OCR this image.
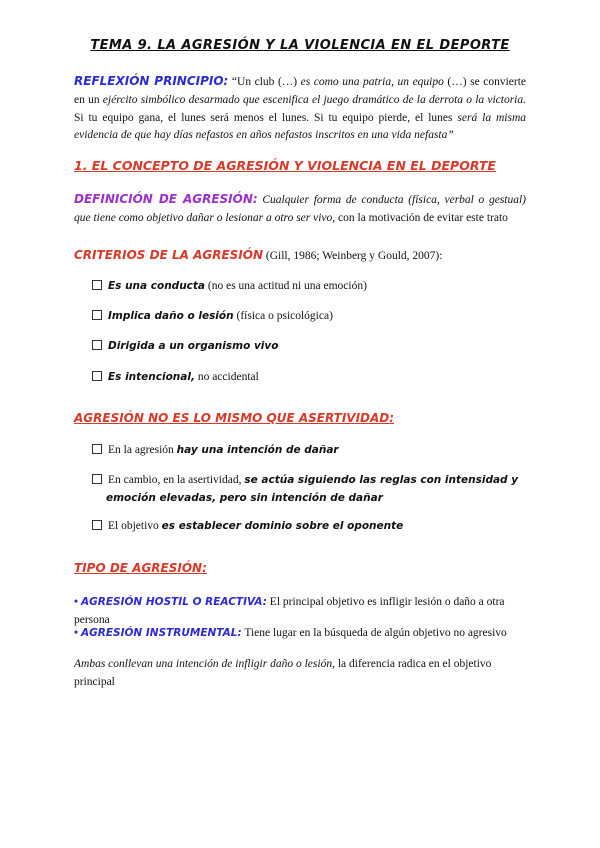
TEMA 9. LA AGRESIÓN Y LA VIOLENCIA EN EL DEPORTE
REFLEXIÓN PRINCIPIO: “Un club (…) es como una patria, un equipo (…) se convierte en un ejército simbólico desarmado que escenifica el juego dramático de la derrota o la victoria. Si tu equipo gana, el lunes será menos el lunes. Si tu equipo pierde, el lunes será la misma evidencia de que hay días nefastos en años nefastos inscritos en una vida nefasta”
1. EL CONCEPTO DE AGRESIÓN Y VIOLENCIA EN EL DEPORTE
DEFINICIÓN DE AGRESIÓN: Cualquier forma de conducta (física, verbal o gestual) que tiene como objetivo dañar o lesionar a otro ser vivo, con la motivación de evitar este trato
CRITERIOS DE LA AGRESIÓN (Gill, 1986; Weinberg y Gould, 2007):
Es una conducta (no es una actitud ni una emoción)
Implica daño o lesión (física o psicológica)
Dirigida a un organismo vivo
Es intencional, no accidental
AGRESIÓN NO ES LO MISMO QUE ASERTIVIDAD:
En la agresión hay una intención de dañar
En cambio, en la asertividad, se actúa siguiendo las reglas con intensidad y emoción elevadas, pero sin intención de dañar
El objetivo es establecer dominio sobre el oponente
TIPO DE AGRESIÓN:
• AGRESIÓN HOSTIL O REACTIVA: El principal objetivo es infligir lesión o daño a otra persona
• AGRESIÓN INSTRUMENTAL: Tiene lugar en la búsqueda de algún objetivo no agresivo
Ambas conllevan una intención de infligir daño o lesión, la diferencia radica en el objetivo principal
